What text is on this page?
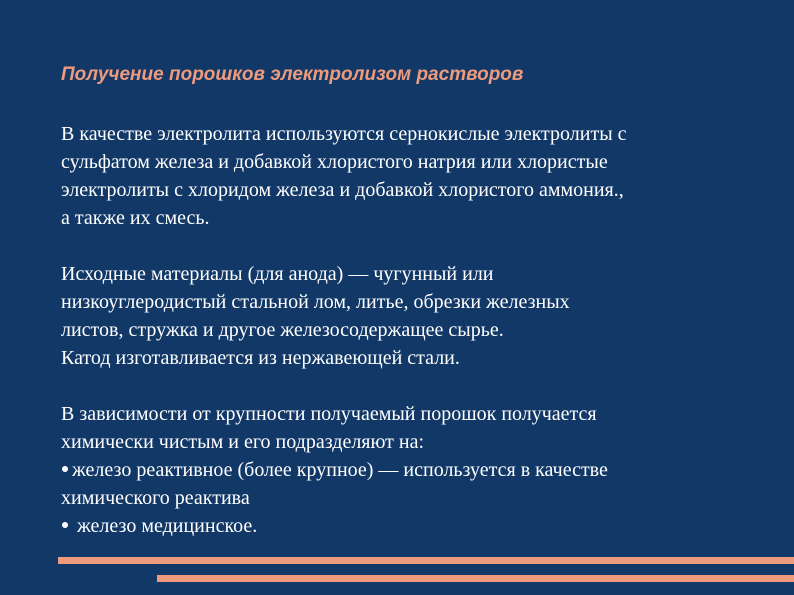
Получение порошков электролизом растворов

В качестве электролита используются сернокислые электролиты с
сульфатом железа и добавкой хлористого натрия или хлористые
электролиты с хлоридом железа и добавкой хлористого аммония.,
а также их смесь.

Исходные материалы (для анода) — чугунный или
низкоуглеродистый стальной лом, литье, обрезки железных
листов, стружка и другое железосодержащее сырье.
Катод изготавливается из нержавеющей стали.

В зависимости от крупности получаемый порошок получается
химически чистым и его подразделяют на:

железо реактивное (более крупное) — используется в качестве
химического реактива
железо медицинское.
